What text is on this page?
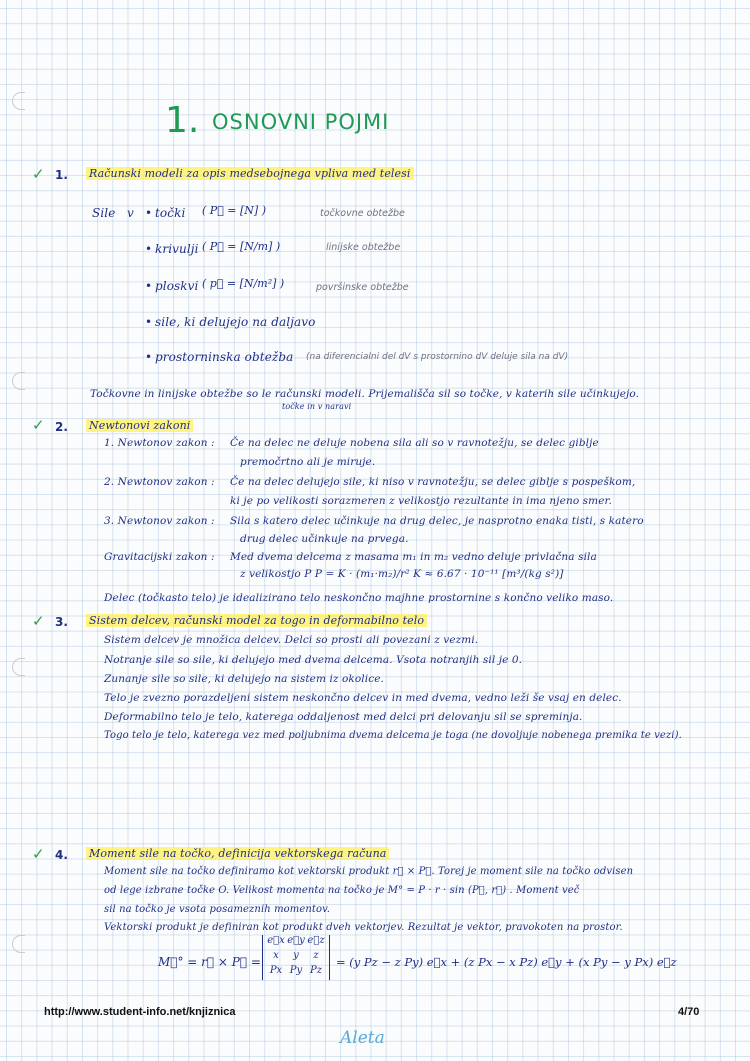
1. OSNOVNI POJMI
✓ 1. Računski modeli za opis medsebojnega vpliva med telesi
Sile v • točki ( P⃗ = [N] )	točkovne obtežbe
• krivulji ( P⃗ = [N/m] )	linijske obtežbe
• ploskvi ( p⃗ = [N/m²] )	površinske obtežbe
• sile, ki delujejo na daljavo
• prostorninska obtežba (na diferencialni del dV s prostornino dV deluje sila na dV)
Točkovne in linijske obtežbe so le računski modeli. Prijemališča sil so točke, v katerih sile učinkujejo.
točke in v naravi
✓ 2. Newtonovi zakoni
1. Newtonov zakon : Če na delec ne deluje nobena sila ali so v ravnotežju, se delec giblje
premočrtno ali je miruje.
2. Newtonov zakon : Če na delec delujejo sile, ki niso v ravnotežju, se delec giblje s pospeškom,
ki je po velikosti sorazmeren z velikostjo rezultante in ima njeno smer.
3. Newtonov zakon : Sila s katero delec učinkuje na drug delec, je nasprotno enaka tisti, s katero
drug delec učinkuje na prvega.
Gravitacijski zakon : Med dvema delcema z masama m₁ in m₂ vedno deluje privlačna sila
z velikostjo P P = K · (m₁·m₂)/r² K ≈ 6.67 · 10⁻¹¹ [m³/(kg s²)]
Delec (točkasto telo) je idealizirano telo neskončno majhne prostornine s končno veliko maso.
✓ 3. Sistem delcev, računski model za togo in deformabilno telo
Sistem delcev je množica delcev. Delci so prosti ali povezani z vezmi.
Notranje sile so sile, ki delujejo med dvema delcema. Vsota notranjih sil je 0.
Zunanje sile so sile, ki delujejo na sistem iz okolice.
Telo je zvezno porazdeljeni sistem neskončno delcev in med dvema, vedno leži še vsaj en delec.
Deformabilno telo je telo, katerega oddaljenost med delci pri delovanju sil se spreminja.
Togo telo je telo, katerega vez med poljubnima dvema delcema je toga (ne dovoljuje nobenega premika te vezi).
✓ 4. Moment sile na točko, definicija vektorskega računa
Moment sile na točko definiramo kot vektorski produkt r⃗ × P⃗. Torej je moment sile na točko odvisen
od lege izbrane točke O. Velikost momenta na točko je M° = P · r · sin (P⃗, r⃗) . Moment več
sil na točko je vsota posameznih momentov.
Vektorski produkt je definiran kot produkt dveh vektorjev. Rezultat je vektor, pravokoten na prostor.
M⃗° = r⃗ × P⃗ =
e⃗x e⃗y e⃗z
x	y	z
Px Py Pz
= (y Pz − z Py) e⃗x + (z Px − x Pz) e⃗y + (x Py − y Px) e⃗z
http://www.student-info.net/knjiznica	4/70
Aleta
